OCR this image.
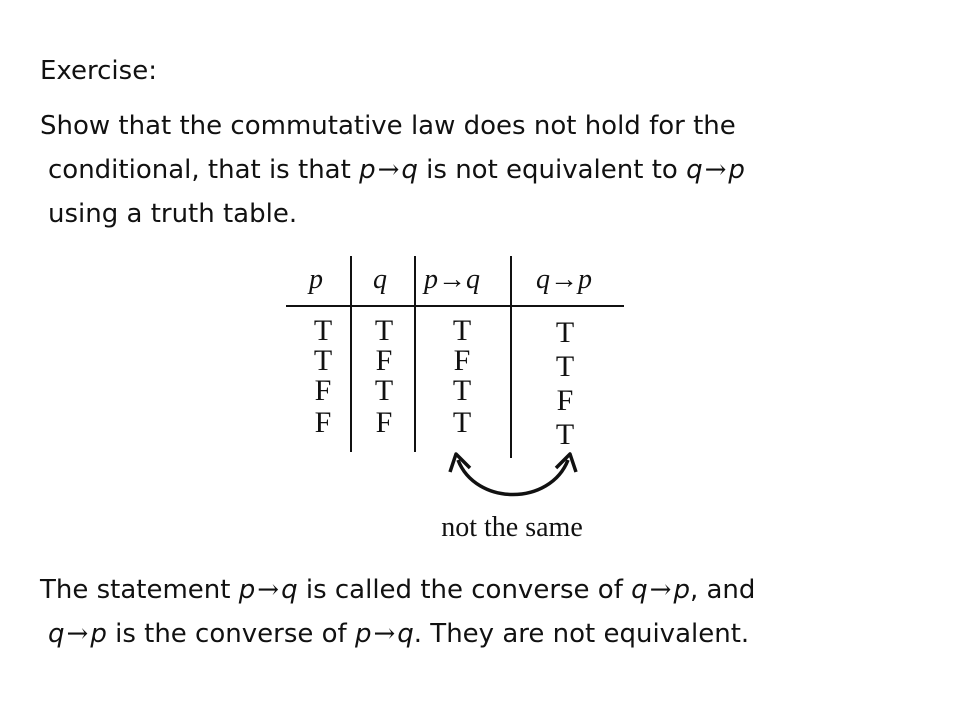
Exercise:
Show that the commutative law does not hold for the
conditional, that is that p→q is not equivalent to q→p
using a truth table.
p q p→q q→p
T
T
F
F
T
F
T
F
T
F
T
T
T
T
F
T
not the same
The statement p→q is called the converse of q→p, and
q→p is the converse of p→q. They are not equivalent.
